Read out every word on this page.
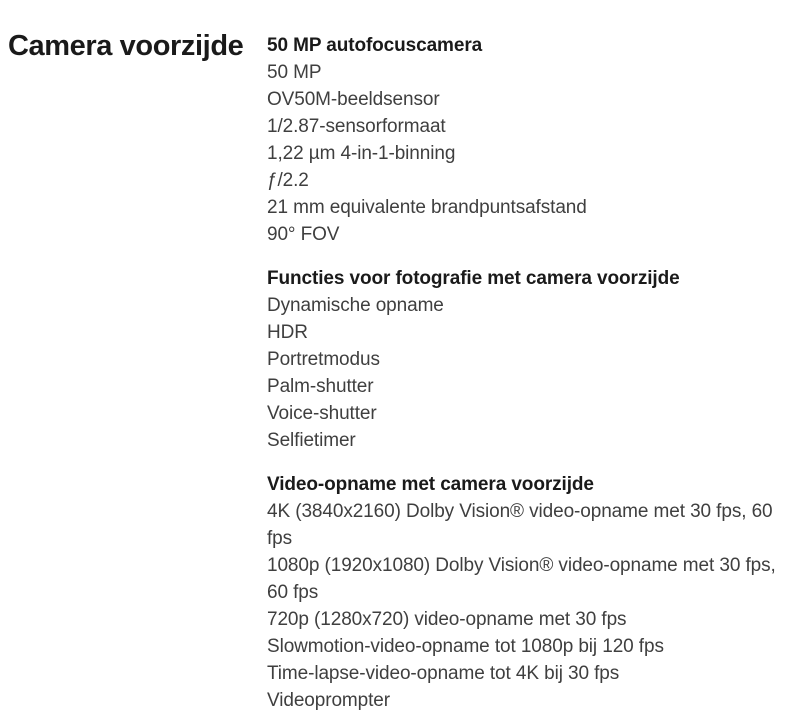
Camera voorzijde	50 MP autofocuscamera
50 MP
OV50M-beeldsensor
1/2.87-sensorformaat
1,22 µm 4-in-1-binning
ƒ/2.2
21 mm equivalente brandpuntsafstand
90° FOV
Functies voor fotografie met camera voorzijde
Dynamische opname
HDR
Portretmodus
Palm-shutter
Voice-shutter
Selfietimer
Video-opname met camera voorzijde
4K (3840x2160) Dolby Vision® video-opname met 30 fps, 60 fps
1080p (1920x1080) Dolby Vision® video-opname met 30 fps, 60 fps
720p (1280x720) video-opname met 30 fps
Slowmotion-video-opname tot 1080p bij 120 fps
Time-lapse-video-opname tot 4K bij 30 fps
Videoprompter
